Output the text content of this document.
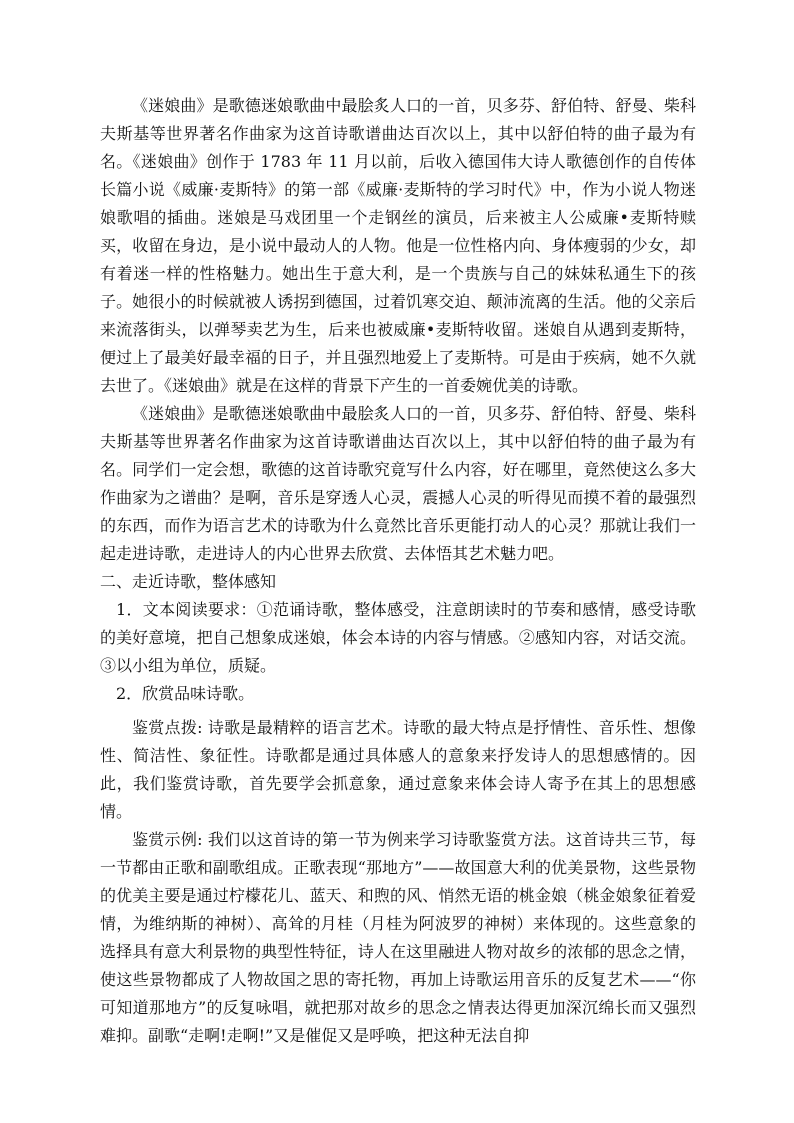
《迷娘曲》是歌德迷娘歌曲中最脍炙人口的一首，贝多芬、舒伯特、舒曼、柴科夫斯基等世界著名作曲家为这首诗歌谱曲达百次以上，其中以舒伯特的曲子最为有名。《迷娘曲》创作于 1783 年 11 月以前，后收入德国伟大诗人歌德创作的自传体长篇小说《威廉·麦斯特》的第一部《威廉·麦斯特的学习时代》中，作为小说人物迷娘歌唱的插曲。迷娘是马戏团里一个走钢丝的演员，后来被主人公威廉•麦斯特赎买，收留在身边，是小说中最动人的人物。他是一位性格内向、身体瘦弱的少女，却有着迷一样的性格魅力。她出生于意大利，是一个贵族与自己的妹妹私通生下的孩子。她很小的时候就被人诱拐到德国，过着饥寒交迫、颠沛流离的生活。他的父亲后来流落街头，以弹琴卖艺为生，后来也被威廉•麦斯特收留。迷娘自从遇到麦斯特，便过上了最美好最幸福的日子，并且强烈地爱上了麦斯特。可是由于疾病，她不久就去世了。《迷娘曲》就是在这样的背景下产生的一首委婉优美的诗歌。

《迷娘曲》是歌德迷娘歌曲中最脍炙人口的一首，贝多芬、舒伯特、舒曼、柴科夫斯基等世界著名作曲家为这首诗歌谱曲达百次以上，其中以舒伯特的曲子最为有名。同学们一定会想，歌德的这首诗歌究竟写什么内容，好在哪里，竟然使这么多大作曲家为之谱曲？是啊，音乐是穿透人心灵，震撼人心灵的听得见而摸不着的最强烈的东西，而作为语言艺术的诗歌为什么竟然比音乐更能打动人的心灵？那就让我们一起走进诗歌，走进诗人的内心世界去欣赏、去体悟其艺术魅力吧。

二、走近诗歌，整体感知

1．文本阅读要求：①范诵诗歌，整体感受，注意朗读时的节奏和感情，感受诗歌的美好意境，把自己想象成迷娘，体会本诗的内容与情感。②感知内容，对话交流。③以小组为单位，质疑。

2．欣赏品味诗歌。

鉴赏点拨: 诗歌是最精粹的语言艺术。诗歌的最大特点是抒情性、音乐性、想像性、简洁性、象征性。诗歌都是通过具体感人的意象来抒发诗人的思想感情的。因此，我们鉴赏诗歌，首先要学会抓意象，通过意象来体会诗人寄予在其上的思想感情。

鉴赏示例: 我们以这首诗的第一节为例来学习诗歌鉴赏方法。这首诗共三节，每一节都由正歌和副歌组成。正歌表现“那地方”——故国意大利的优美景物，这些景物的优美主要是通过柠檬花儿、蓝天、和煦的风、悄然无语的桃金娘（桃金娘象征着爱情，为维纳斯的神树）、高耸的月桂（月桂为阿波罗的神树）来体现的。这些意象的选择具有意大利景物的典型性特征，诗人在这里融进人物对故乡的浓郁的思念之情，使这些景物都成了人物故国之思的寄托物，再加上诗歌运用音乐的反复艺术——“你可知道那地方”的反复咏唱，就把那对故乡的思念之情表达得更加深沉绵长而又强烈难抑。副歌“走啊!走啊!”又是催促又是呼唤，把这种无法自抑
